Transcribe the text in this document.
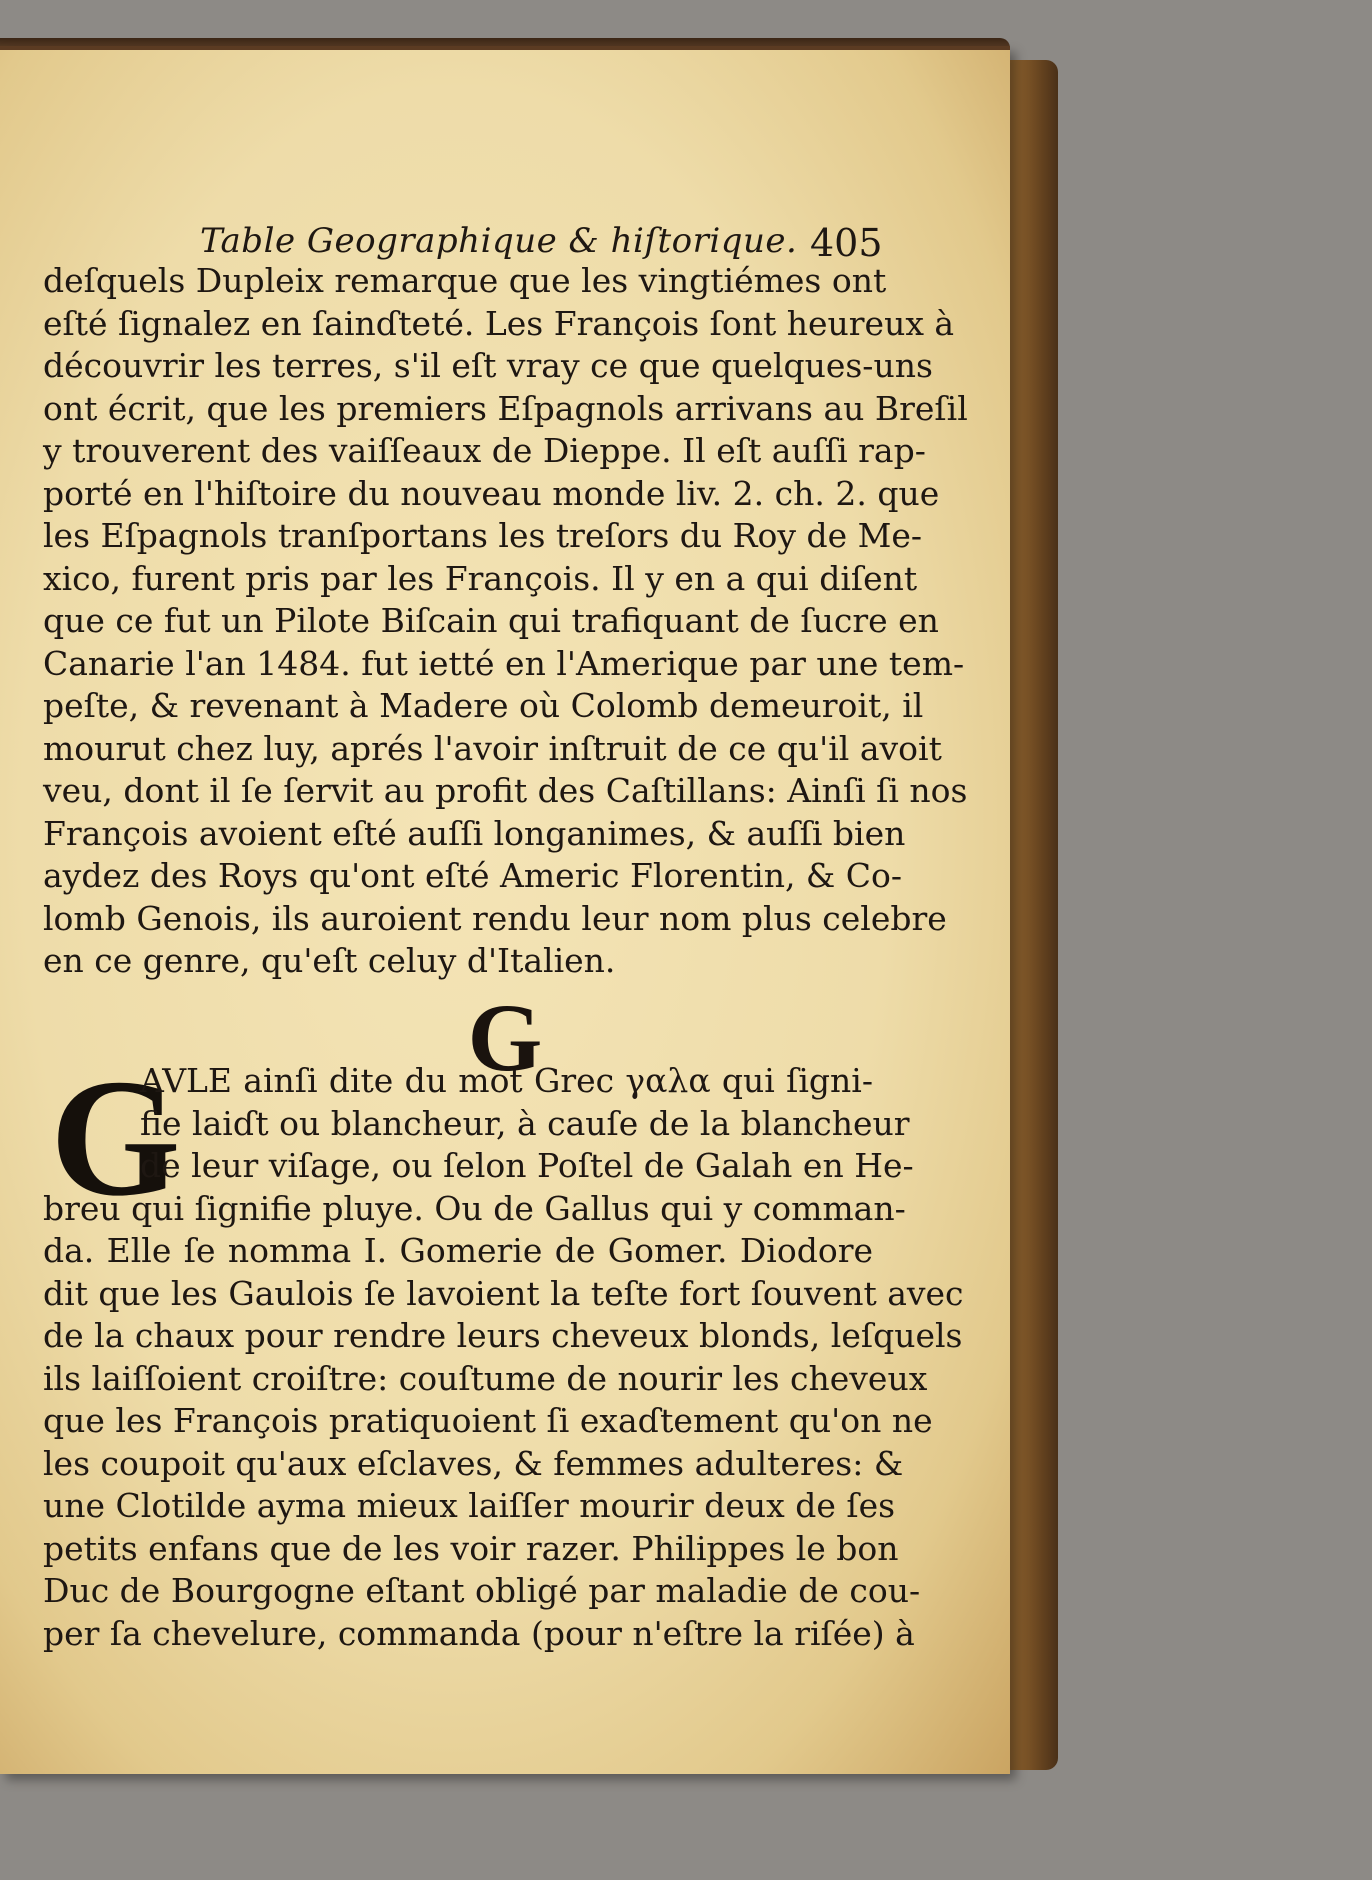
Table Geographique & hiſtorique. 405
deſquels Dupleix remarque que les vingtiémes ont
eſté ſignalez en ſainɗteté. Les François ſont heureux à
découvrir les terres, s'il eſt vray ce que quelques-uns
ont écrit, que les premiers Eſpagnols arrivans au Breſil
y trouverent des vaiſſeaux de Dieppe. Il eſt auſſi rap-
porté en l'hiſtoire du nouveau monde liv. 2. ch. 2. que
les Eſpagnols tranſportans les treſors du Roy de Me-
xico, furent pris par les François. Il y en a qui diſent
que ce fut un Pilote Biſcain qui trafiquant de ſucre en
Canarie l'an 1484. fut ietté en l'Amerique par une tem-
peſte, & revenant à Madere où Colomb demeuroit, il
mourut chez luy, aprés l'avoir inſtruit de ce qu'il avoit
veu, dont il ſe ſervit au profit des Caſtillans: Ainſi ſi nos
François avoient eſté auſſi longanimes, & auſſi bien
aydez des Roys qu'ont eſté Americ Florentin, & Co-
lomb Genois, ils auroient rendu leur nom plus celebre
en ce genre, qu'eſt celuy d'Italien.
G
G
AVLE ainſi dite du mot Grec γαλα qui ſigni-
fie laiɗt ou blancheur, à cauſe de la blancheur
de leur viſage, ou ſelon Poſtel de Galah en He-
breu qui ſignifie pluye. Ou de Gallus qui y comman-
da. Elle ſe nomma I. Gomerie de Gomer. Diodore
dit que les Gaulois ſe lavoient la teſte fort ſouvent avec
de la chaux pour rendre leurs cheveux blonds, leſquels
ils laiſſoient croiſtre: couſtume de nourir les cheveux
que les François pratiquoient ſi exaɗtement qu'on ne
les coupoit qu'aux eſclaves, & femmes adulteres: &
une Clotilde ayma mieux laiſſer mourir deux de ſes
petits enfans que de les voir razer. Philippes le bon
Duc de Bourgogne eſtant obligé par maladie de cou-
per ſa chevelure, commanda (pour n'eſtre la riſée) à
